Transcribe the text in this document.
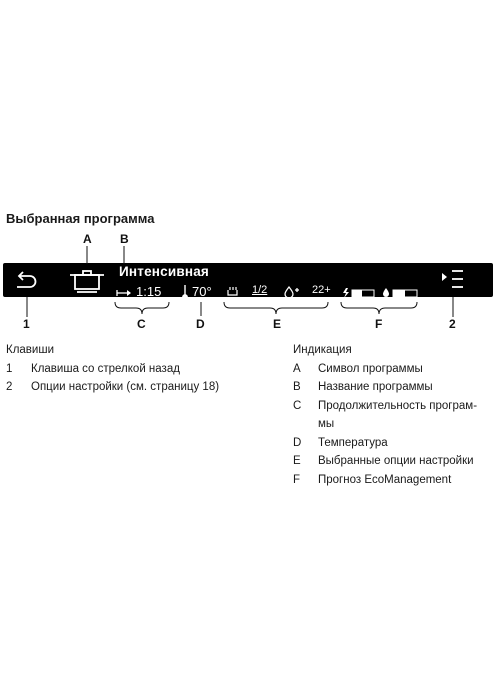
Выбранная программа
A B
Интенсивная
1:15 70°	1/2	22+
1	C	D	E	F	2
Клавиши
1	Клавиша со стрелкой назад
2	Опции настройки (см. страницу 18)
Индикация
A	Символ программы
B	Название программы
C	Продолжительность програм-
мы
D	Температура
E	Выбранные опции настройки
F	Прогноз EcoManagement
